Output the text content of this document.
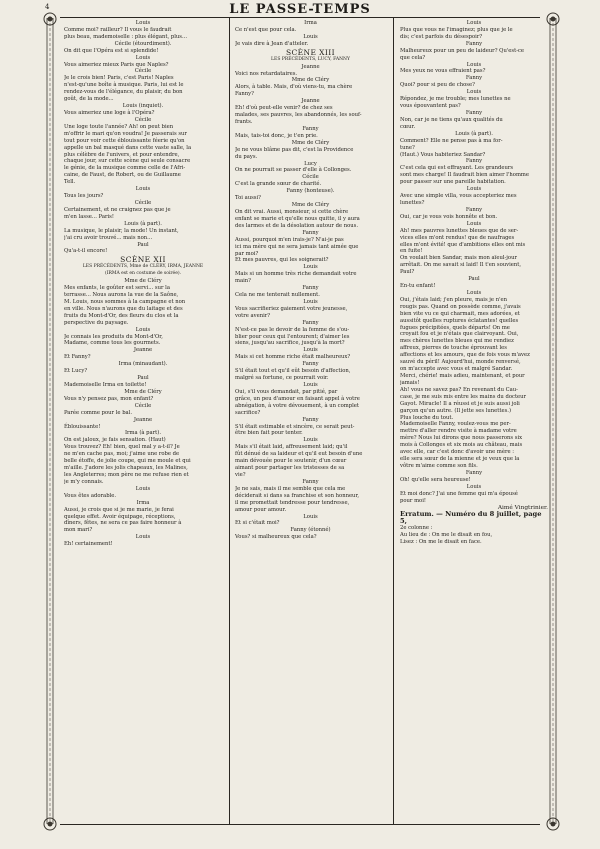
4	LE PASSE-TEMPS
Louis
Comme moi? railleur? Il vous le faudrait
plus beau, mademoiselle : plus élégant, plus...
Cécile (étourdiment).
On dit que l'Opéra est si splendide!
Louis
Vous aimeriez mieux Paris que Naples?
Cécile
Je le crois bien! Paris, c'est Paris! Naples
n'est-qu'une boîte à musique. Paris, lui est le
rendez-vous de l'élégance, du plaisir, du bon
goût, de la mode...
Louis (inquiet).
Vous aimeriez une loge à l'Opéra?
Cécile
Une loge toute l'année? Ah! on peut bien
m'offrir le mari qu'on voudra! Je passerais sur
tout pour voir cette éblouissante féerie qu'on
appelle un bal masqué dans cette vaste salle, la
plus célèbre de l'univers, et pour entendre,
chaque jour, sur cette scène qui seule consacre
le génie, de la musique comme celle de l'Afri-
caine, de Faust, de Robert, ou de Guillaume
Tell.
Louis
Tous les jours?
Cécile
Certainement, et ne craignez pas que je
m'en lasse... Paris!
Louis (à part).
La musique, le plaisir, la mode! Un instant,
j'ai cru avoir trouvé... mais non...
Paul
Qu'a-t-il encore!
SCÈNE XII
LES PRÉCÉDENTS, Mme de CLÉRY, IRMA, JEANNE
(IRMA est en costume de soirée).
Mme de Cléry
Mes enfants, le goûter est servi... sur la
terrasse... Nous aurons la vue de la Saône,
M. Louis, nous sommes à la campagne et non
en ville. Nous n'aurons que du laitage et des
fruits du Mont-d'Or, des fleurs du clos et la
perspective du paysage.
Louis
Je connais les produits du Mont-d'Or,
Madame, comme tous les gourmets.
Jeanne
Et Fanny?
Irma (minaudant).
Et Lucy?
Paul
Mademoiselle Irma en toilette!
Mme de Cléry
Vous n'y pensez pas, mon enfant?
Cécile
Parée comme pour le bal.
Jeanne
Éblouissante!
Irma (à part).
On est jaloux, je fais sensation. (Haut)
Vous trouvez? Eh! bien, quel mal y a-t-il? Je
ne m'en cache pas, moi; j'aime une robe de
belle étoffe, de jolie coupe, qui me moule et qui
m'aille. J'adore les jolis chapeaux, les Malines,
les Angleterres; mon père ne me refuse rien et
je m'y connais.
Louis
Vous êtes adorable.
Irma
Aussi, je crois que si je me marie, je ferai
quelque effet. Avoir équipage, réceptions,
dîners, fêtes, ne sera ce pas faire honneur à
mon mari?
Louis
Eh! certainement!
Irma
Ce n'est que pour cela.
Louis
Je vais dire à Jean d'atteler.
SCÈNE XIII
LES PRÉCÉDENTS, LUCY, FANNY
Jeanne
Voici nos retardataires.
Mme de Cléry
Alors, à table. Mais, d'où viens-tu, ma chère
Fanny?
Jeanne
Eh! d'où peut-elle venir? de chez ses
malades, ses pauvres, les abandonnés, les souf-
frants.
Fanny
Mais, tais-toi donc, je t'en prie.
Mme de Cléry
Je ne vous blâme pas dit, c'est la Providence
du pays.
Lucy
On ne pourrait se passer d'elle à Collonges.
Cécile
C'est la grande sœur de charité.
Fanny (honteuse).
Toi aussi?
Mme de Cléry
On dit vrai. Aussi, monsieur, si cette chère
enfant se marie et qu'elle nous quitte, il y aura
des larmes et de la désolation autour de nous.
Fanny
Aussi, pourquoi m'en irais-je? N'ai-je pas
ici ma mère qui ne sera jamais tant aimée que
par moi?
Et mes pauvres, qui les soignerait?
Louis
Mais si un homme très riche demandait votre
main?
Fanny
Cela ne me tenterait nullement.
Louis
Vous sacrifieriez gaiement votre jeunesse,
votre avenir?
Fanny
N'est-ce pas le devoir de la femme de s'ou-
blier pour ceux qui l'entourent; d'aimer les
siens, jusqu'au sacrifice, jusqu'à la mort?
Louis
Mais si cet homme riche était malheureux?
Fanny
S'il était tout et qu'il eût besoin d'affection,
malgré sa fortune, ce pourrait voir.
Louis
Oui, s'il vous demandait, par pitié, par
grâce, un peu d'amour en faisant appel à votre
abnégation, à votre dévouement, à un complet
sacrifice?
Fanny
S'il était estimable et sincère, ce serait peut-
être bien fait pour tenter.
Louis
Mais s'il était laid, affreusement laid; qu'il
fût dénué de sa laideur et qu'il eut besoin d'une
main dévouée pour le soutenir, d'un cœur
aimant pour partager les tristesses de sa
vie?
Fanny
Je ne sais, mais il me semble que cela me
déciderait si dans sa franchise et son honneur,
il me promettait tendresse pour tendresse,
amour pour amour.
Louis
Et si c'était moi?
Fanny (étonné)
Vous? si malheureux que cela?
Louis
Plus que vous ne l'imaginez; plus que je le
dis; c'est parfois du désespoir?
Fanny
Malheureux pour un peu de laideur? Qu'est-ce
que cela?
Louis
Mes yeux ne vous effraient pas?
Fanny
Quoi? pour si peu de chose?
Louis
Répondez, je me trouble; mes lunettes ne
vous épouvantent pas?
Fanny
Non, car je ne tiens qu'aux qualités du
cœur.
Louis (à part).
Comment? Elle ne pense pas à ma for-
tune?
(Haut.) Vous habiteriez Sandar?
Fanny
C'est cela qui est effrayant. Les grandeurs
sont mes charge! Il faudrait bien aimer l'homme
pour passer sur une pareille habitation.
Louis
Avec une simple villa, vous accepteriez mes
lunettes?
Fanny
Oui, car je vous vois honnête et bon.
Louis
Ah! mes pauvres lunettes bleues que de ser-
vices elles m'ont rendus! que de naufrages
elles m'ont évité! que d'ambitions elles ont mis
en fuite!
On voulait bien Sandar, mais mon aïeul-jour
arrêtait. On me savait si laid! Il t'en souvient,
Paul?
Paul
En-tu enfant!
Louis
Oui, j'étais laid; j'en pleure, mais je n'en
rougis pas. Quand on possède comme, j'avais
bien vite vu ce qui charmait, mes adorées, et
aussitôt quelles ruptures éclatantes! quelles
fugues précipitées, quels départs! On me
croyait fou et je n'étais que clairvoyant. Oui,
mes chères lunettes bleues qui me rendiez
affreux, pierres de touche éprouvant les
affections et les amours, que de fois vous m'avez
sauvé du péril! Aujourd'hui, monde renversé,
on m'accepte avec vous et malgré Sandar.
Merci, chérie! mais adieu, maintenant, et pour
jamais!
Ah! vous ne savez pas? En revenant du Cau-
case, je me suis mis entre les mains du docteur
Gayot. Miracle! Il a réussi et je suis aussi joli
garçon qu'un autre. (Il jette ses lunettes.)
Plus louche du tout.
Mademoiselle Fanny, voulez-vous me per-
mettre d'aller rendre visite à madame votre
mère? Nous lui dirons que nous passerons six
mois à Collonges et six mois au château, mais
avec elle, car c'est donc d'avoir une mère :
elle sera sœur de la mienne et je veux que la
vôtre m'aime comme son fils.
Fanny
Oh! qu'elle sera heureuse!
Louis
Et moi donc? J'ai une femme qui m'a épousé
pour moi!
Aimé Vingtrinier.
Erratum. — Numéro du 8 juillet, page 5,
2e colonne :
Au lieu de : On me le disait en fou,
Lisez : On me le disait en face.
